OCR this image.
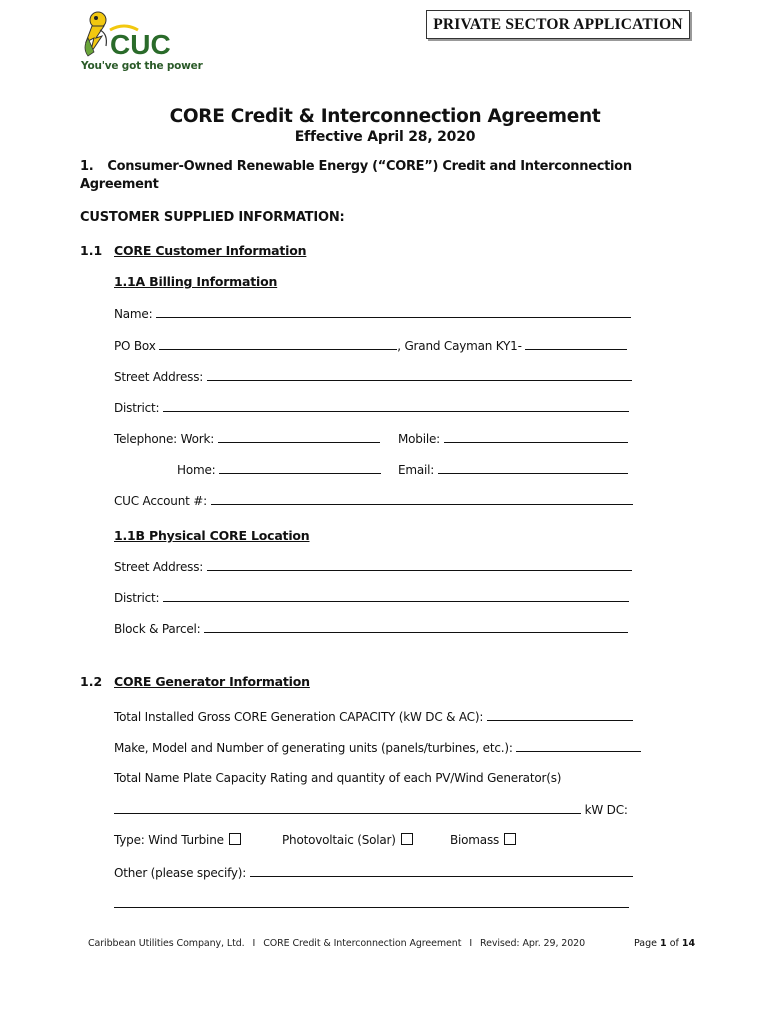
CUC
You've got the power
PRIVATE SECTOR APPLICATION
CORE Credit & Interconnection Agreement
Effective April 28, 2020
1. Consumer-Owned Renewable Energy (“CORE”) Credit and Interconnection Agreement
CUSTOMER SUPPLIED INFORMATION:
1.1 CORE Customer Information
1.1A Billing Information
Name:
PO Box	, Grand Cayman KY1-
Street Address:
District:
Telephone: Work:	Mobile:
Home:	Email:
CUC Account #:
1.1B Physical CORE Location
Street Address:
District:
Block & Parcel:
1.2 CORE Generator Information
Total Installed Gross CORE Generation CAPACITY (kW DC & AC):
Make, Model and Number of generating units (panels/turbines, etc.):
Total Name Plate Capacity Rating and quantity of each PV/Wind Generator(s)
kW DC:
Type: Wind Turbine	Photovoltaic (Solar)	Biomass
Other (please specify):
Caribbean Utilities Company, Ltd. I CORE Credit & Interconnection Agreement I Revised: Apr. 29, 2020	Page 1 of 14
